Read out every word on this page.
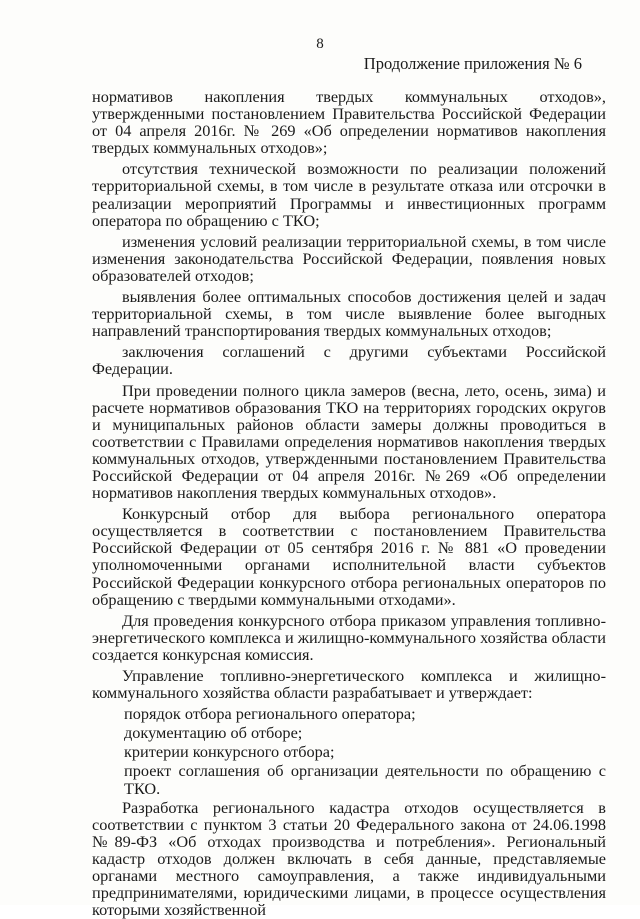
8
Продолжение приложения № 6

нормативов накопления твердых коммунальных отходов», утвержденными постановлением Правительства Российской Федерации от 04 апреля 2016г. № 269 «Об определении нормативов накопления твердых коммунальных отходов»;

отсутствия технической возможности по реализации положений территориальной схемы, в том числе в результате отказа или отсрочки в реализации мероприятий Программы и инвестиционных программ оператора по обращению с ТКО;

изменения условий реализации территориальной схемы, в том числе изменения законодательства Российской Федерации, появления новых образователей отходов;

выявления более оптимальных способов достижения целей и задач территориальной схемы, в том числе выявление более выгодных направлений транспортирования твердых коммунальных отходов;

заключения соглашений с другими субъектами Российской Федерации.

При проведении полного цикла замеров (весна, лето, осень, зима) и расчете нормативов образования ТКО на территориях городских округов и муниципальных районов области замеры должны проводиться в соответствии с Правилами определения нормативов накопления твердых коммунальных отходов, утвержденными постановлением Правительства Российской Федерации от 04 апреля 2016г. №269 «Об определении нормативов накопления твердых коммунальных отходов».

Конкурсный отбор для выбора регионального оператора осуществляется в соответствии с постановлением Правительства Российской Федерации от 05 сентября 2016 г. № 881 «О проведении уполномоченными органами исполнительной власти субъектов Российской Федерации конкурсного отбора региональных операторов по обращению с твердыми коммунальными отходами».

Для проведения конкурсного отбора приказом управления топливно-энергетического комплекса и жилищно-коммунального хозяйства области создается конкурсная комиссия.

Управление топливно-энергетического комплекса и жилищно-коммунального хозяйства области разрабатывает и утверждает:

порядок отбора регионального оператора;

документацию об отборе;

критерии конкурсного отбора;

проект соглашения об организации деятельности по обращению с ТКО.

Разработка регионального кадастра отходов осуществляется в соответствии с пунктом 3 статьи 20 Федерального закона от 24.06.1998 №89-ФЗ «Об отходах производства и потребления». Региональный кадастр отходов должен включать в себя данные, представляемые органами местного самоуправления, а также индивидуальными предпринимателями, юридическими лицами, в процессе осуществления которыми хозяйственной
